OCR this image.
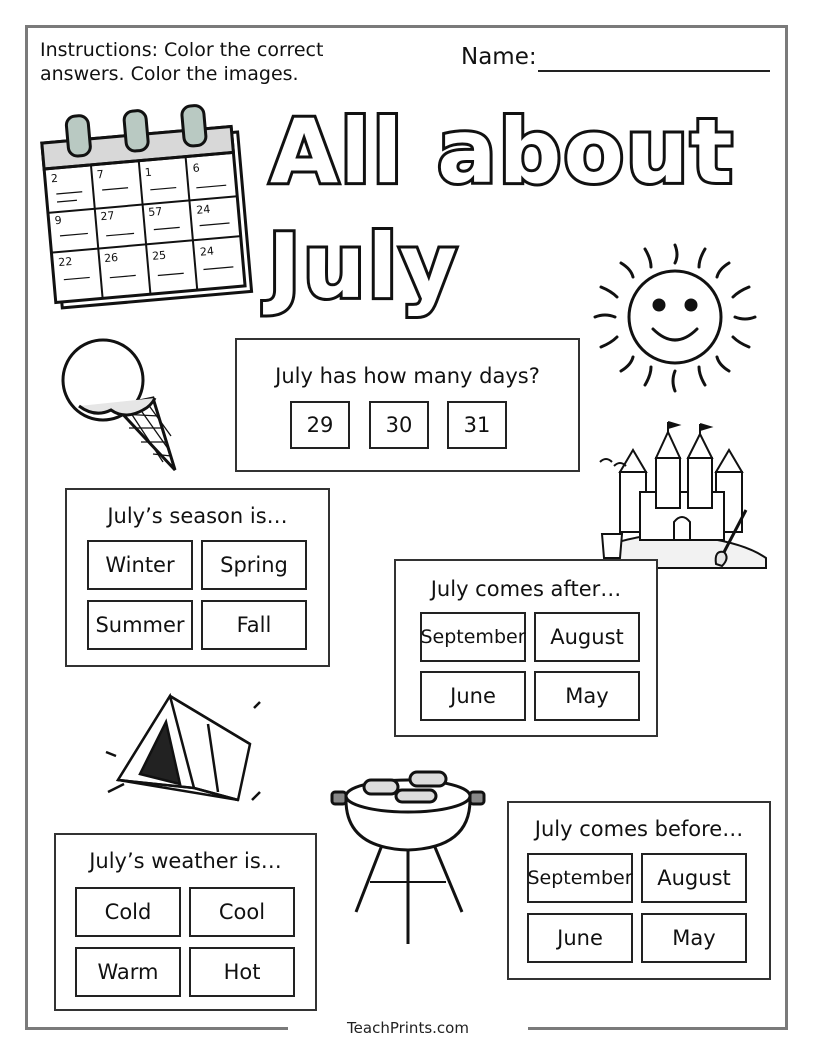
TeachPrints.com
Instructions: Color the correct answers. Color the images.
Name:
All about
July
2	7	1	6
9	27	57	24
22	26	25	24
July has how many days?
29	30	31
July’s season is…
Winter	Spring
Summer	Fall
July comes after…
September	August
June	May
July’s weather is…
Cold	Cool
Warm	Hot
July comes before…
September	August
June	May
